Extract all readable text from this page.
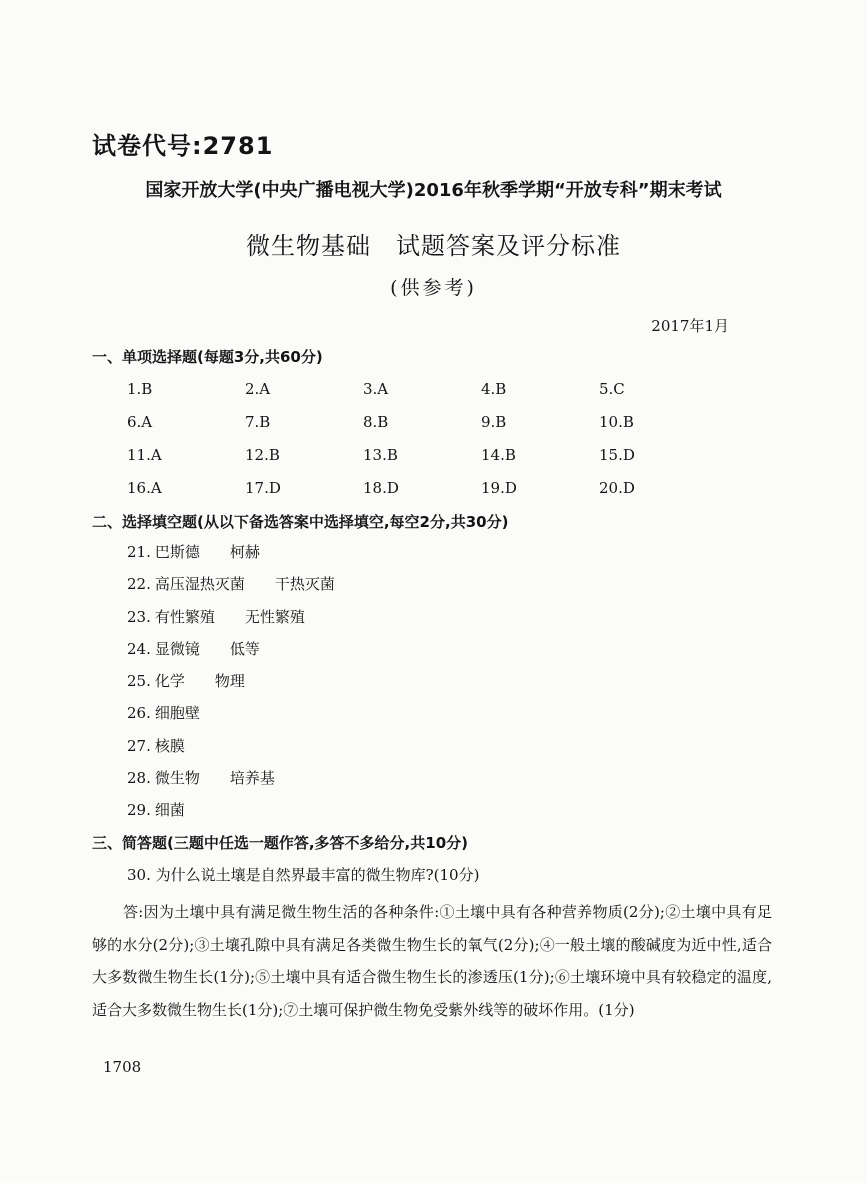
试卷代号:2781
国家开放大学(中央广播电视大学)2016年秋季学期“开放专科”期末考试
微生物基础　试题答案及评分标准
(供参考)
2017年1月
一、单项选择题(每题3分,共60分)
1.B	2.A	3.A	4.B	5.C
6.A	7.B	8.B	9.B	10.B
11.A	12.B	13.B	14.B	15.D
16.A	17.D	18.D	19.D	20.D
二、选择填空题(从以下备选答案中选择填空,每空2分,共30分)
21. 巴斯德 柯赫
22. 高压湿热灭菌 干热灭菌
23. 有性繁殖 无性繁殖
24. 显微镜 低等
25. 化学 物理
26. 细胞壁
27. 核膜
28. 微生物 培养基
29. 细菌
三、简答题(三题中任选一题作答,多答不多给分,共10分)
30. 为什么说土壤是自然界最丰富的微生物库?(10分)
答:因为土壤中具有满足微生物生活的各种条件:①土壤中具有各种营养物质(2分);②土壤中具有足够的水分(2分);③土壤孔隙中具有满足各类微生物生长的氧气(2分);④一般土壤的酸碱度为近中性,适合大多数微生物生长(1分);⑤土壤中具有适合微生物生长的渗透压(1分);⑥土壤环境中具有较稳定的温度,适合大多数微生物生长(1分);⑦土壤可保护微生物免受紫外线等的破坏作用。(1分)
1708
